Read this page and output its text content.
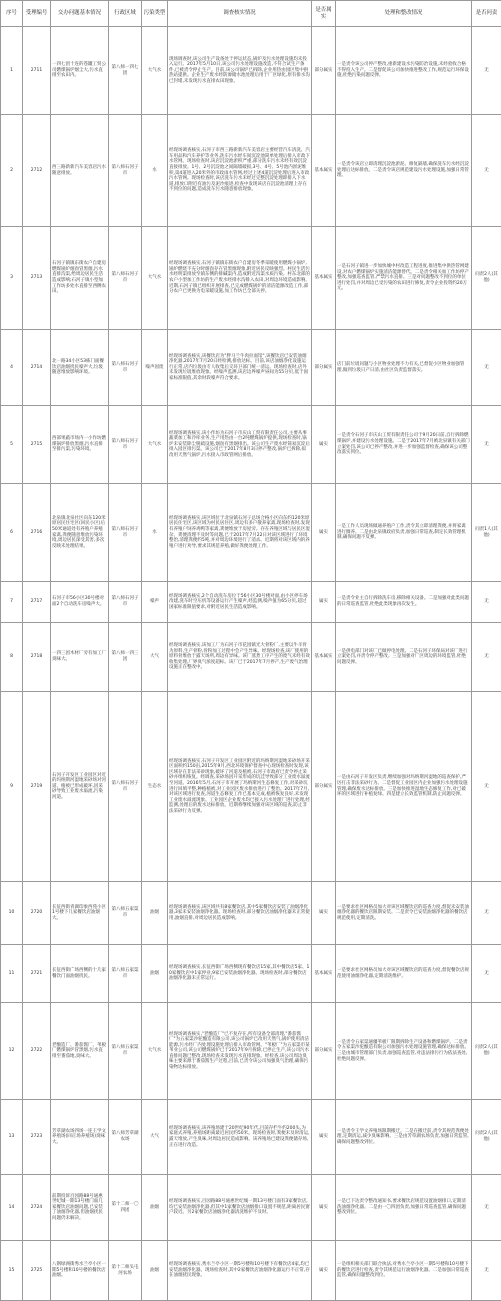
序号	受理编号	交办问题基本情况	行政区域	污染类型	调查核实情况	是否属实	处理和整改情况	是否问责
1	2711	一四七团十连的苍罐工贸公司燃煤锅炉烟尘大,污水直排至农田内。	第八师一四七团	大气水	现场调查时,该公司生产设备处于停运状态,锅炉及污水处理设施均未投入运行。2017年5月10日,该公司污水处理设施改造,不符合试生产条件,已被责令停止生产。目前,该公司锅炉已拆除,企业用热由园区集中供热站提供。企业生产废水经防渗储水池处理后用于厂区绿化,原有排水沟已封堵,未发现污水直排农田现象。	部分属实	一是责令该公司停产整改,重新建设水污染防治设施,未经验收合格不得投入生产。二是督促该公司加快推进整改工作,规范运行环保设施,杜绝污染问题反弹。	无
2	2712	西三路新新汽车美容店污水随意排放。	第八师石河子市	水	经现场调查核实,石河子市西三路新新汽车美容店主要经营汽车清洗、汽车用品和汽车养护等业务,洗车污水经车间沉淀池简单处理后排入市政下水管网。现场检查时,该店沉淀池淤积严重,部分洗车污水未经有效沉淀直接排放。1号、2号沉淀池之间隔墙破损,3号、4号、5号池内淤泥堆积,第4道进入20米外的市政雨水管网,经过上述4道沉淀处理后进入市政污水管网。现场检查时,该店洗车污水未经过完整沉淀处理即排入下水道,排放口附近有油污及泥沙痕迹,检查中发现该店在沉淀池清理上存在不到位的问题,造成洗车污水随意排放现象。	基本属实	一是责令该店立即清理沉淀池淤泥、修复隔墙,确保洗车污水经沉淀处理后达标排放。二是责令该店规范建设污水处理设施,加强日常管理。	无
3	2713	石河子镇镇东街农户自建房燃煤锅炉烟囱冒黑烟,污水直排沟渠,给周边居民生活造成影响;石河子镇小型加工作坊多处水直排至西侧农田。	第八师石河子市	大气水	经现场调查核实,石河子镇镇东街农户自建房冬季采暖使用燃煤小锅炉,锅炉燃烧不充分时烟囱存在冒黑烟现象,附近居民反映强烈。村民生活污水经明渠排放至镇东侧的排碱渠内,造成附近沟渠水质污染。村东北部的农户小型加工作坊的生产废水经排水沟排入农田,对周边环境造成影响。近期,石河子镇已组织开展排查,已完成燃煤锅炉的清洁能源改造工作,部分农户已更换为电采暖设施,加工作坊已全部关停。	基本属实	一是石河子镇进一步加快城中村改造工程进度,推进集中供热管网建设,对农户燃煤锅炉实施清洁能源替代。二是责令相关加工作坊停产整改,加强巡查监管,严禁污水直排。三是对问题整改不到位的单位进行处罚,并对周边已受污染的农田进行修复,责令企业投资约20万元。	问责2人(其他)
4	2714	北一路34小区53栋门面餐饮店油烟扰民噪声大,垃圾随意堆放影响环境。	第八师石河子市	噪声固废	经现场调查核实,该餐饮店为"胖马兰牛肉拉面馆",该餐饮店已安装油烟净化器,2017年7月20日经检测,排放达标。目前,该店油烟净化设施运行正常,店内垃圾由专人收集后交环卫部门统一清运。现场检查时,店外未发现垃圾堆放现象。经噪声监测,该店边界噪声昼间为55分贝,低于国家标准限值,其余时段噪声符合要求。	部分属实	店门前垃圾问题与小区物业处理不力有关,已督促小区物业加强管理,做到垃圾日产日清,由社区负责监督落实。	无
5	2715	西部果蔬市场内一小作坊燃煤锅炉排放黑烟,污水直排至排污渠,污染环境。	第八师石河子市	大气水	经现场调查核实,该小作坊为石河子市庆山工贸有限责任公司,主要从事蔬菜加工和冷库业务,生产用热由一台2吨燃煤锅炉提供,现场检查时,锅炉未安装除尘脱硫设施,烟囱有黑烟排出。该公司生产废水经简易沉淀后排入园区排污渠。该公司已于2017年8月3日停产整改,锅炉已拆除,拟改用天然气锅炉,污水接入市政管网后排放。	属实	一是责令石河子市庆山工贸有限责任公司于9月20日前,自行拆除燃煤锅炉,并建设污水处理设施。二是于2017年7月被北泉镇有关部门立案处罚,该公司已停产整改,并进一步加强监督检查,确保该公司整改落实到位。	无
6	2716	北泉镇北泉社区向东120米原居民住宅区(回民小区)后50米通道处有养殖户养殖家禽,粪便随意堆放污染环境,周边居民深受其害,多次反映未处理结果。	第八师石河子市	水	经现场调查核实,该区域位于北泉镇石河子总场合格小区向东约120米原居民住宅区,该区域为村民居住区,周边有多户散养家禽,现场检查时,发现有养殖户饲养鸡鸭等家禽,粪便堆放于房屋旁。存在养殖区域与居民区混杂、粪便清理不及时等问题,已于2017年7月22日对该区域进行了环境整治,清理粪便约5吨,并对周边环境进行了消杀。近期将对该区域内的养殖户进行劝导,要求其规范养殖,做好粪便处理工作。	属实	一是工作人员现场做通养殖户工作,责令其立即清理粪便,并将家禽进行圈养。二是由北泉镇政府负责,加强日常巡查,制定长效管理机制,确保问题不反弹。	问责1人(其他)
7	2717	石河子市56小区30号楼对面2个自动洗车房噪声大。	第八师石河子市	噪声	经现场调查核实,2个自动洗车房位于56小区30号楼对面,由小区停车场改建,洗车时空压机等设备运行产生噪声,经监测,噪声值为65分贝,超过国家标准限值要求,对附近居民生活造成影响。	属实	一是责令业主自行拆除洗车房,移除相关设备。二是加强对此类问题的日常巡查监管,杜绝此类现象再次发生。	无
8	2718	一四三团木材厂旁有加工厂臭味大。	第八师一四三团	大气	经现场调查核实,该加工厂为石河子市花园镇光大骨粉厂,主要以牛羊骨为原料,生产骨粉,骨粉加工过程中会产生异味。经现场检查,该厂使用的原料骨堆放于露天场所,周边有异味。该厂蒸煮工序产生的废气未经有效收集处理,厂界臭气浓度超标。该厂已于2017年7月停产,生产废气治理设施正在整改中。	基本属实	一是供电部门对该厂已做停电处理。二是石河子环保局对该厂进行立案处罚,并责令停产整改。三是加强对厂区周边的环境监管,杜绝问题反弹。	无
9	2719	石河子开发区工业园区对近的玛纳斯河湿地采砂场对河道、植被已形成破坏,因采砂导致工业废水溢流,污染河道。	第八师石河子市	生态水	经现场调查核实,石河子开发区工业园区附近的玛纳斯河湿地采砂场开采区面积约150亩,2015年9月,西北环境保护督查中心现场检查时发现,该区域存在非法采砂现象,破坏了河道及植被,石河子市政府已责令停止采砂并组织恢复。经调查,采砂场因开采形成的坑洼导致部分工业废水溢流至河道。2016年5月,石河子市开展了玛纳斯河生态修复工作,对采砂坑进行回填平整,种植植被,对工业园区废水排放进行了整治。2017年7月,对该区域进行复查,河道生态修复工作已基本完成,植被恢复良好,未发现工业废水溢流现象。工业园区企业废水均已接入污水处理厂进行处理,经监测,处理后的废水达标排放。近期将继续加强对该区域的巡查,防止非法采砂行为反弹。	部分属实	一是由石河子开发区负责,继续加强对玛纳斯河湿地的巡查保护,严厉打击非法采砂行为。二是督促工业园区内企业加强污水处理设施管理,确保废水达标排放。三是加快推进湿地生态修复工作,对已破坏的区域进行补植复绿。四是建立长效监管机制,防止问题反弹。	无
10	2720	长征西街青湖印象西苑小区1号楼下几家餐饮店油烟大。	第八师五家渠市	油烟	经现场调查核实,该区域共有8家餐饮店,其中5家餐饮店安装了油烟净化器,3家未安装油烟净化器。现场检查时,部分餐饮店油烟净化器未正常使用,油烟直排,对周边居民造成影响。	属实	一是要求社区网格员加大对该区域餐饮店的巡查力度,督促未安装油烟净化器的餐饮店限期安装。二是责令已安装油烟净化器的餐饮店规范使用,定期清洗。	无
11	2721	长征西街广场西侧的十几家餐饮门面油烟扰民。	第八师五家渠市	油烟	经现场调查核实,长征西街广场西侧现有餐饮店15家,其中餐饮店5家、10家餐饮店中1家停业,9家已安装油烟净化器。现场检查时,部分餐饮店油烟净化器未正常运行。	基本属实	一是要求社区网格员加大对该区域餐饮店的巡查力度,督促餐饮店规范使用油烟净化器,定期清洗维护。	无
12	2722	老酿造厂、番茄酱厂、苇板厂燃煤锅炉冒黑烟,污水直排至番茄地,臭味大。	第八师五家渠市	大气水	经现场调查核实,"老酿造厂"已不复存在,所有设备全部清理,"番茄酱厂"为五家渠沙驼酿造有限公司,该公司锅炉已改用天然气,锅炉使用清洁能源,污水经厂内处理设施处理后排入市政管网。"苇板厂"为五家渠市某苇业公司,该公司燃煤锅炉已于2017年9月拆除,已停止生产,该公司污水直排问题已整改,现场检查未发现污水直排现象。经检查,该公司周边臭味主要来源于番茄酱生产过程,目前,已责令该公司加强臭气治理,确保污染物达标排放。	部分属实	一是责令五家渠通疆苇板厂限期拆除生产设备和燃煤锅炉。二是责令五家渠沙驼酿造有限公司加强污水处理设施管理,确保达标排放。三是由城市管理部门负责,加强巡查监管,对违法排污行为依法查处,杜绝问题反弹。	问责2人(其他)
13	2723	芳草湖农场四场一连王学文养殖场(回正场养殖场)臭味大。	第八师芳草湖农场	大气	经现场调查核实,该养殖场建于20世纪90年代,目前存栏牛约200头,为家庭式养殖,养殖场距离最近居民约50米。现场检查时,粪便未及时清运,露天堆放,产生臭味,对周边居民造成影响。该养殖场已建设粪便储存场,正在进行改造。	属实	一是责令王学文养殖场限期搬迁。二是在搬迁前,责令其规范粪便处理,定期清运,减少臭味影响。三是由芳草湖农场负责,加强日常监管,确保问题整改到位。	问责2人(其他)
14	2724	前期投诉百园路88号通惠世纪城一期13号楼门面几家餐饮店油烟问题,已安装了油烟净化器,但油烟扰民问题仍未解决。	第十二师一〇四团	油烟	经现场调查核实,百园路88号通惠世纪城一期13号楼门面有3家餐饮店,均已安装油烟净化器,但其中1家餐饮店油烟排口设置不规范,距离居民窗户较近。另2家餐饮店油烟净化器清洗维护不及时。	属实	一是已下达责令整改通知书,要求餐饮店规范设置油烟排口,定期清洗油烟净化器。二是由一〇四团负责,加强日常巡查监管,确保问题整改到位。	无
15	2725	八钢绿洲街秀水兰亭小区一期5号楼和10号楼的餐饮店油烟。	第十二师头屯河农场	油烟	经现场调查核实,秀水兰亭小区一期5号楼和10号楼下有餐饮店4家,均已安装油烟净化器。现场检查时,其中2家餐饮店油烟净化器运行不正常,存在油烟扰民现象。	属实	一是组织相关部门联合执法,对秀水兰亭小区一期5号楼和10号楼下的餐饮店进行检查,责令其规范运行油烟净化器。二是加强日常巡查监管,确保问题整改到位。	无
